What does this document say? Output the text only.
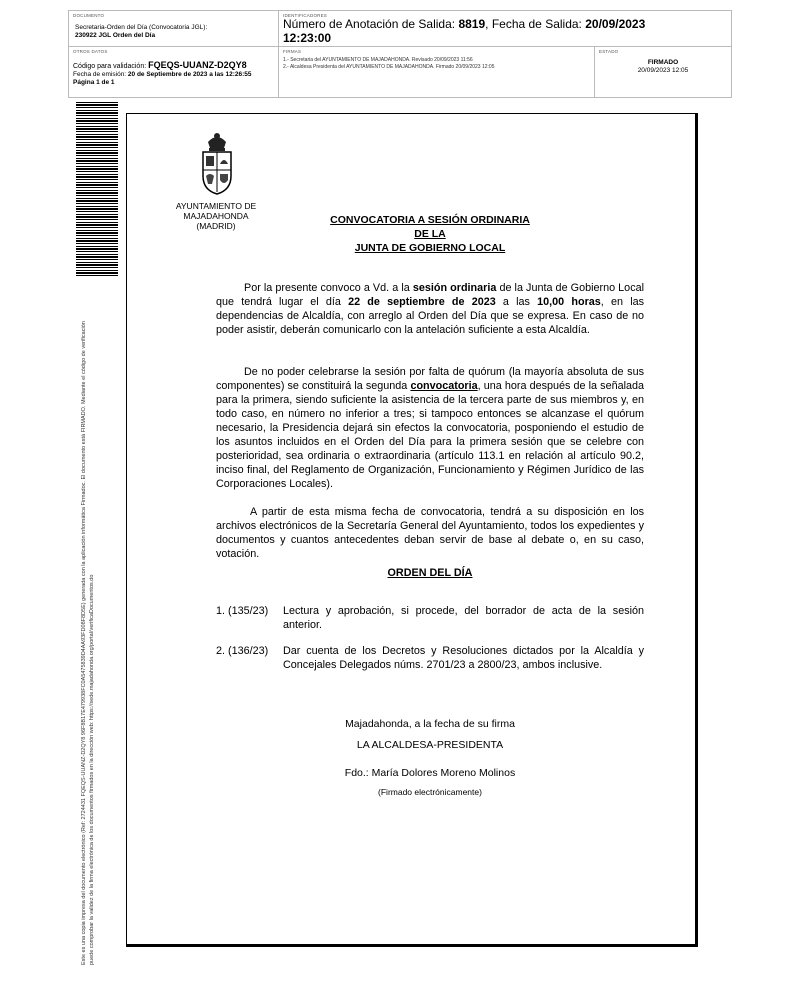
DOCUMENTO
Secretaria-Orden del Día (Convocatoria JGL):
230922 JGL Orden del Día
IDENTIFICADORES
Número de Anotación de Salida: 8819, Fecha de Salida: 20/09/2023
12:23:00
OTROS DATOS
Código para validación: FQEQS-UUANZ-D2QY8
Fecha de emisión: 20 de Septiembre de 2023 a las 12:26:55
Página 1 de 1
FIRMAS
1.- Secretaria del AYUNTAMIENTO DE MAJADAHONDA. Revisado 20/09/2023 11:56
2.- Alcaldesa Presidenta del AYUNTAMIENTO DE MAJADAHONDA. Firmado 20/09/2023 12:05
ESTADO
FIRMADO
20/09/2023 12:05
Este es una copia impresa del documento electrónico (Ref: 2724431 FQEQS-UUANZ-D2QY8 96F8B17E479938FC0A5475839D4AA93FD08F8D5E) generada con la aplicación informática Firmadoc. El documento está FIRMADO. Mediante el código de verificación puede comprobar la validez de la firma electrónica de los documentos firmados en la dirección web: https://sede.majadahonda.org/portal/verificaDocumentos.do
AYUNTAMIENTO DE
MAJADAHONDA
(MADRID)	CONVOCATORIA A SESIÓN ORDINARIA
DE LA
JUNTA DE GOBIERNO LOCAL
Por la presente convoco a Vd. a la sesión ordinaria de la Junta de Gobierno Local que tendrá lugar el día 22 de septiembre de 2023 a las 10,00 horas, en las dependencias de Alcaldía, con arreglo al Orden del Día que se expresa. En caso de no poder asistir, deberán comunicarlo con la antelación suficiente a esta Alcaldía.
De no poder celebrarse la sesión por falta de quórum (la mayoría absoluta de sus componentes) se constituirá la segunda convocatoria, una hora después de la señalada para la primera, siendo suficiente la asistencia de la tercera parte de sus miembros y, en todo caso, en número no inferior a tres; si tampoco entonces se alcanzase el quórum necesario, la Presidencia dejará sin efectos la convocatoria, posponiendo el estudio de los asuntos incluidos en el Orden del Día para la primera sesión que se celebre con posterioridad, sea ordinaria o extraordinaria (artículo 113.1 en relación al artículo 90.2, inciso final, del Reglamento de Organización, Funcionamiento y Régimen Jurídico de las Corporaciones Locales).
A partir de esta misma fecha de convocatoria, tendrá a su disposición en los archivos electrónicos de la Secretaría General del Ayuntamiento, todos los expedientes y documentos y cuantos antecedentes deban servir de base al debate o, en su caso, votación.
ORDEN DEL DÍA
1. (135/23)	Lectura y aprobación, si procede, del borrador de acta de la sesión anterior.
2. (136/23)	Dar cuenta de los Decretos y Resoluciones dictados por la Alcaldía y Concejales Delegados núms. 2701/23 a 2800/23, ambos inclusive.
Majadahonda, a la fecha de su firma
LA ALCALDESA-PRESIDENTA
Fdo.: María Dolores Moreno Molinos
(Firmado electrónicamente)
